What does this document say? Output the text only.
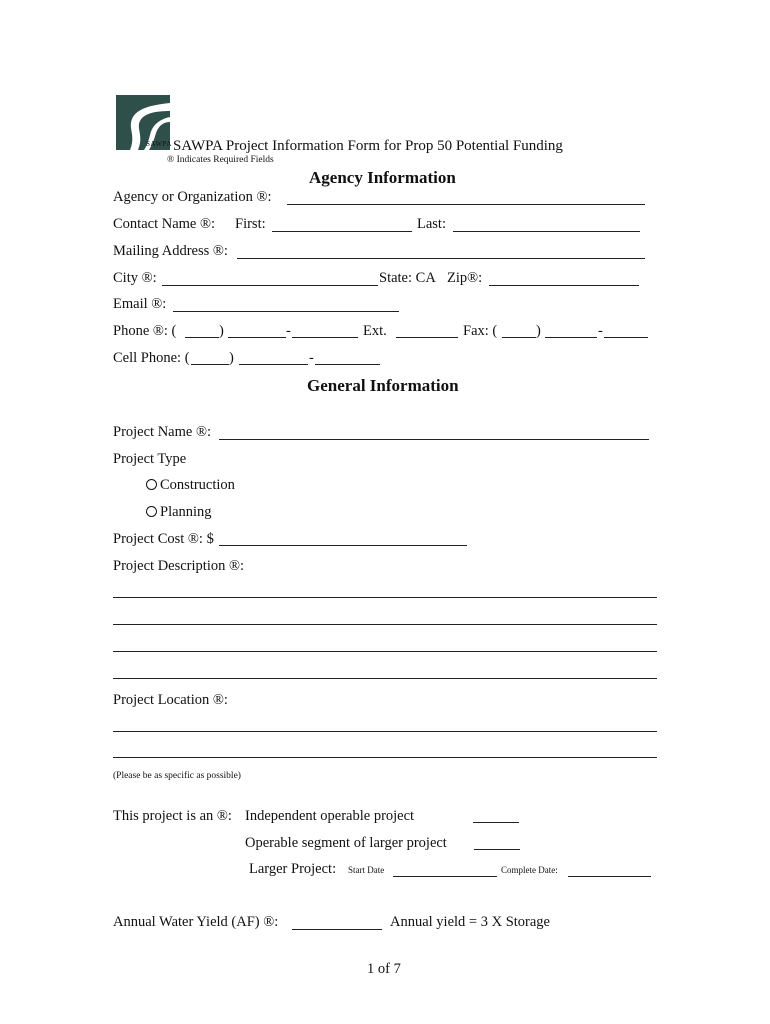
SAWPA SAWPA Project Information Form for Prop 50 Potential Funding
® Indicates Required Fields
Agency Information
Agency or Organization ®:
Contact Name ®: First:	Last:
Mailing Address ®:
City ®:	State: CA Zip®:
Email ®:
Phone ®: (	)	-	Ext.	Fax: (	)	-
Cell Phone: (	)	-
General Information
Project Name ®:
Project Type
Construction
Planning
Project Cost ®: $
Project Description ®:
Project Location ®:
(Please be as specific as possible)
This project is an ®: Independent operable project
Operable segment of larger project
Larger Project: Start Date	Complete Date:
Annual Water Yield (AF) ®:	Annual yield = 3 X Storage
1 of 7
